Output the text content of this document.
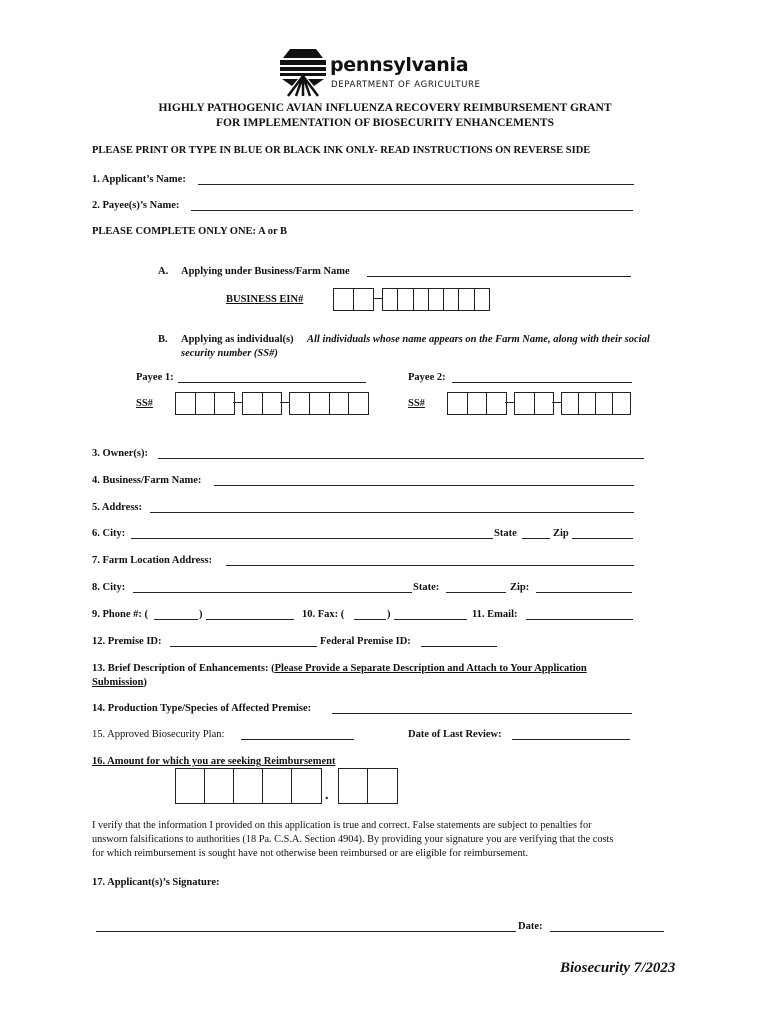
pennsylvania
DEPARTMENT OF AGRICULTURE
HIGHLY PATHOGENIC AVIAN INFLUENZA RECOVERY REIMBURSEMENT GRANT
FOR IMPLEMENTATION OF BIOSECURITY ENHANCEMENTS
PLEASE PRINT OR TYPE IN BLUE OR BLACK INK ONLY- READ INSTRUCTIONS ON REVERSE SIDE
1. Applicant’s Name:
2. Payee(s)’s Name:
PLEASE COMPLETE ONLY ONE: A or B
A. Applying under Business/Farm Name
BUSINESS EIN#
B. Applying as individual(s) All individuals whose name appears on the Farm Name, along with their social
security number (SS#)
Payee 1:	Payee 2:
SS#	SS#
3. Owner(s):
4. Business/Farm Name:
5. Address:
6. City:	State	Zip
7. Farm Location Address:
8. City:	State:	Zip:
9. Phone #: (	)	10. Fax: (	)	11. Email:
12. Premise ID:	Federal Premise ID:
13. Brief Description of Enhancements: (Please Provide a Separate Description and Attach to Your Application
Submission)
14. Production Type/Species of Affected Premise:
15. Approved Biosecurity Plan:	Date of Last Review:
16. Amount for which you are seeking Reimbursement
.
I verify that the information I provided on this application is true and correct. False statements are subject to penalties for
unsworn falsifications to authorities (18 Pa. C.S.A. Section 4904). By providing your signature you are verifying that the costs
for which reimbursement is sought have not otherwise been reimbursed or are eligible for reimbursement.
17. Applicant(s)’s Signature:
Date:
Biosecurity 7/2023
